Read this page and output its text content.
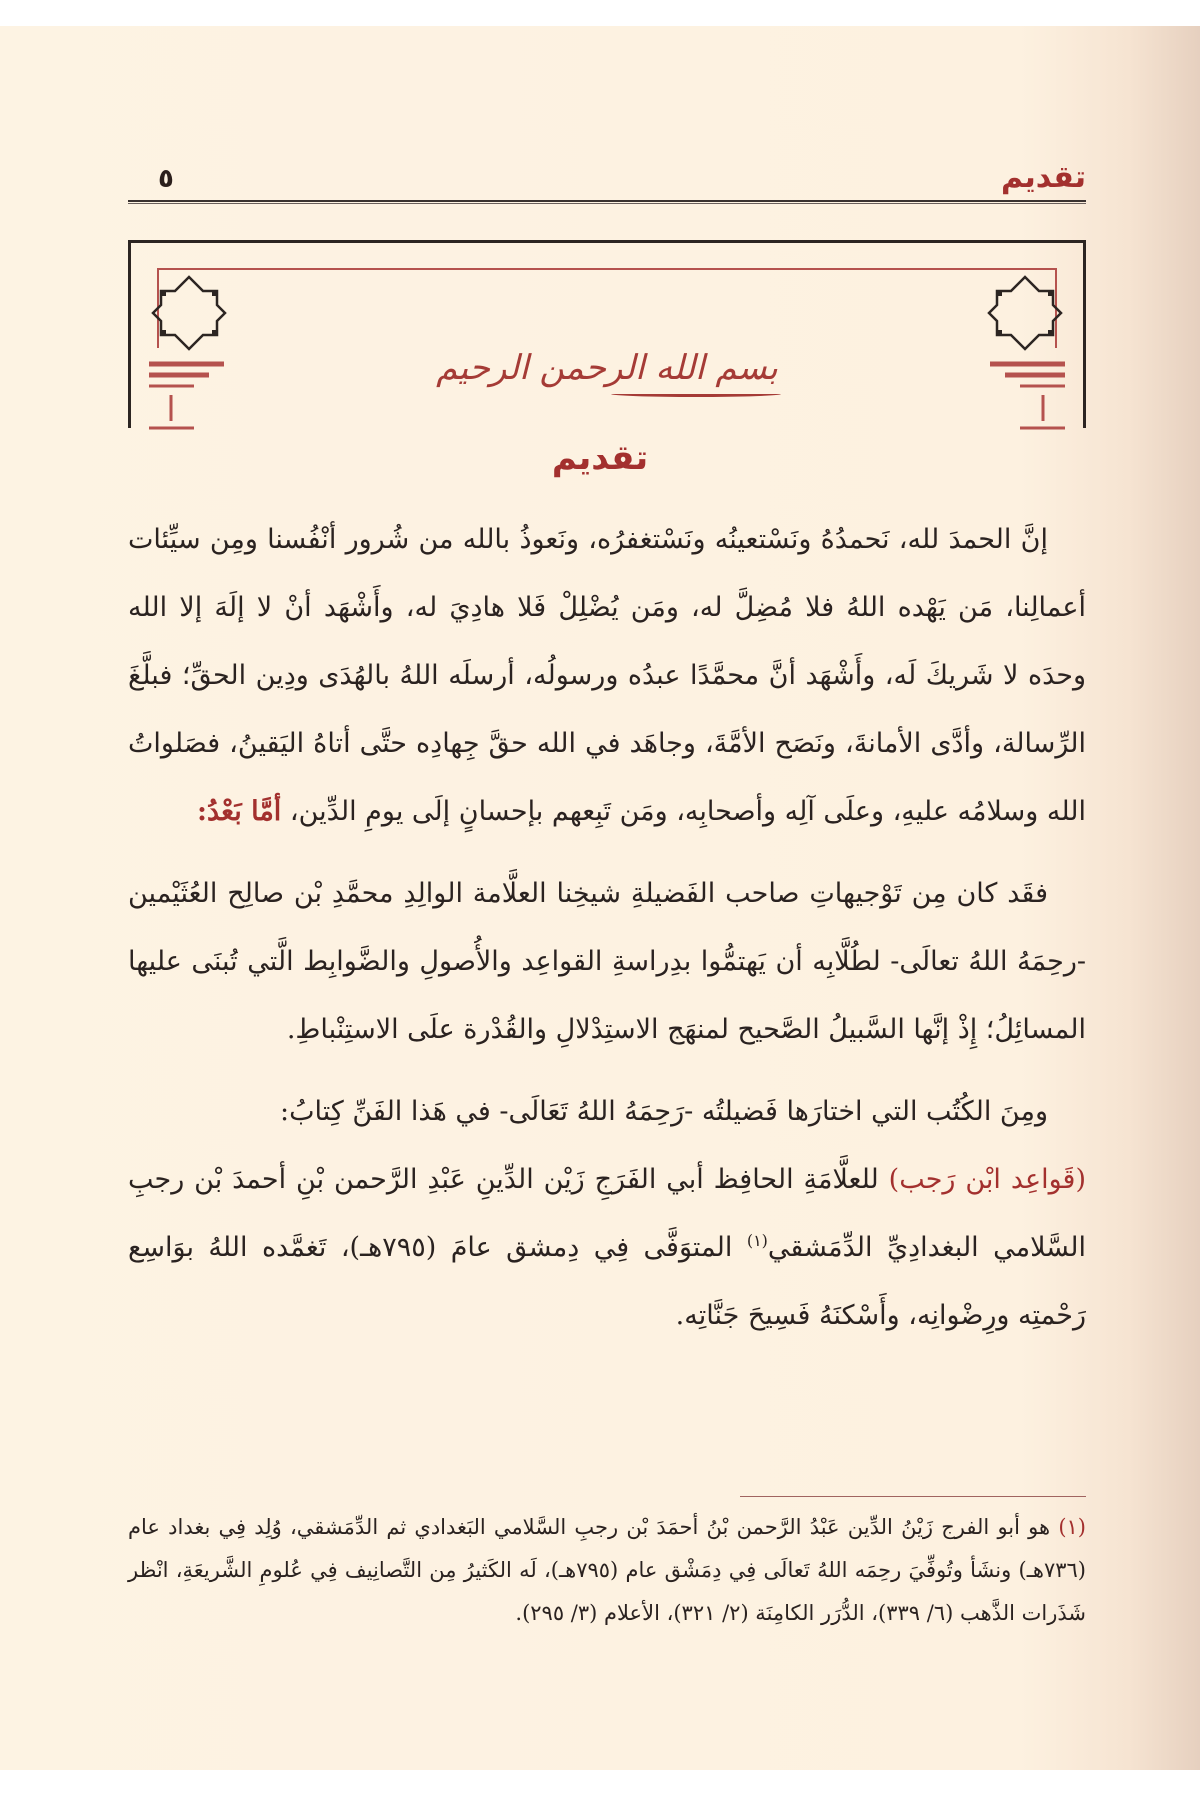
٥	تقديم
بسم الله الرحمن الرحيم
تقديم

إنَّ الحمدَ لله، نَحمدُهُ ونَسْتعينُه ونَسْتغفرُه، ونَعوذُ بالله من شُرور أنْفُسنا ومِن سيِّئات أعمالِنا، مَن يَهْده اللهُ فلا مُضِلَّ له، ومَن يُضْلِلْ فَلا هادِيَ له، وأَشْهَد أنْ لا إلَهَ إلا الله وحدَه لا شَريكَ لَه، وأَشْهَد أنَّ محمَّدًا عبدُه ورسولُه، أرسلَه اللهُ بالهُدَى ودِين الحقِّ؛ فبلَّغَ الرِّسالة، وأدَّى الأمانةَ، ونَصَح الأمَّةَ، وجاهَد في الله حقَّ جِهادِه حتَّى أتاهُ اليَقينُ، فصَلواتُ الله وسلامُه عليهِ، وعلَى آلِه وأصحابِه، ومَن تَبِعهم بإحسانٍ إلَى يومِ الدِّين، أمَّا بَعْدُ:

فقَد كان مِن تَوْجيهاتِ صاحب الفَضيلةِ شيخِنا العلَّامة الوالِدِ محمَّدِ بْن صالِح العُثَيْمين -رحِمَهُ اللهُ تعالَى- لطُلَّابِه أن يَهتمُّوا بدِراسةِ القواعِد والأُصولِ والضَّوابِط الَّتي تُبنَى عليها المسائِلُ؛ إِذْ إنَّها السَّبيلُ الصَّحيح لمنهَج الاستِدْلالِ والقُدْرة علَى الاستِنْباطِ.

ومِنَ الكُتُب التي اختارَها فَضيلتُه -رَحِمَهُ اللهُ تَعَالَى- في هَذا الفَنِّ كِتابُ:

(قَواعِد ابْن رَجب) للعلَّامَةِ الحافِظ أبي الفَرَجِ زَيْن الدِّينِ عَبْدِ الرَّحمن بْنِ أحمدَ بْن رجبِ السَّلامي البغدادِيِّ الدِّمَشقي$^{(١)}$ المتوَفَّى فِي دِمشق عامَ (٧٩٥هـ)، تَغمَّده اللهُ بوَاسِع رَحْمتِه ورِضْوانِه، وأَسْكنَهُ فَسِيحَ جَنَّاتِه.

(١) هو أبو الفرج زَيْنُ الدِّين عَبْدُ الرَّحمن بْنُ أحمَدَ بْن رجبِ السَّلامي البَغدادي ثم الدِّمَشقي، وُلِد فِي بغداد عام (٧٣٦هـ) ونشَأ وتُوفِّيَ رحِمَه اللهُ تَعالَى فِي دِمَشْق عام (٧٩٥هـ)، لَه الكَثيرُ مِن التَّصانِيف فِي عُلومِ الشَّريعَةِ، انْظر شَذَرات الذَّهب (٦/ ٣٣٩)، الدُّرَر الكامِنَة (٢/ ٣٢١)، الأعلام (٣/ ٢٩٥).
